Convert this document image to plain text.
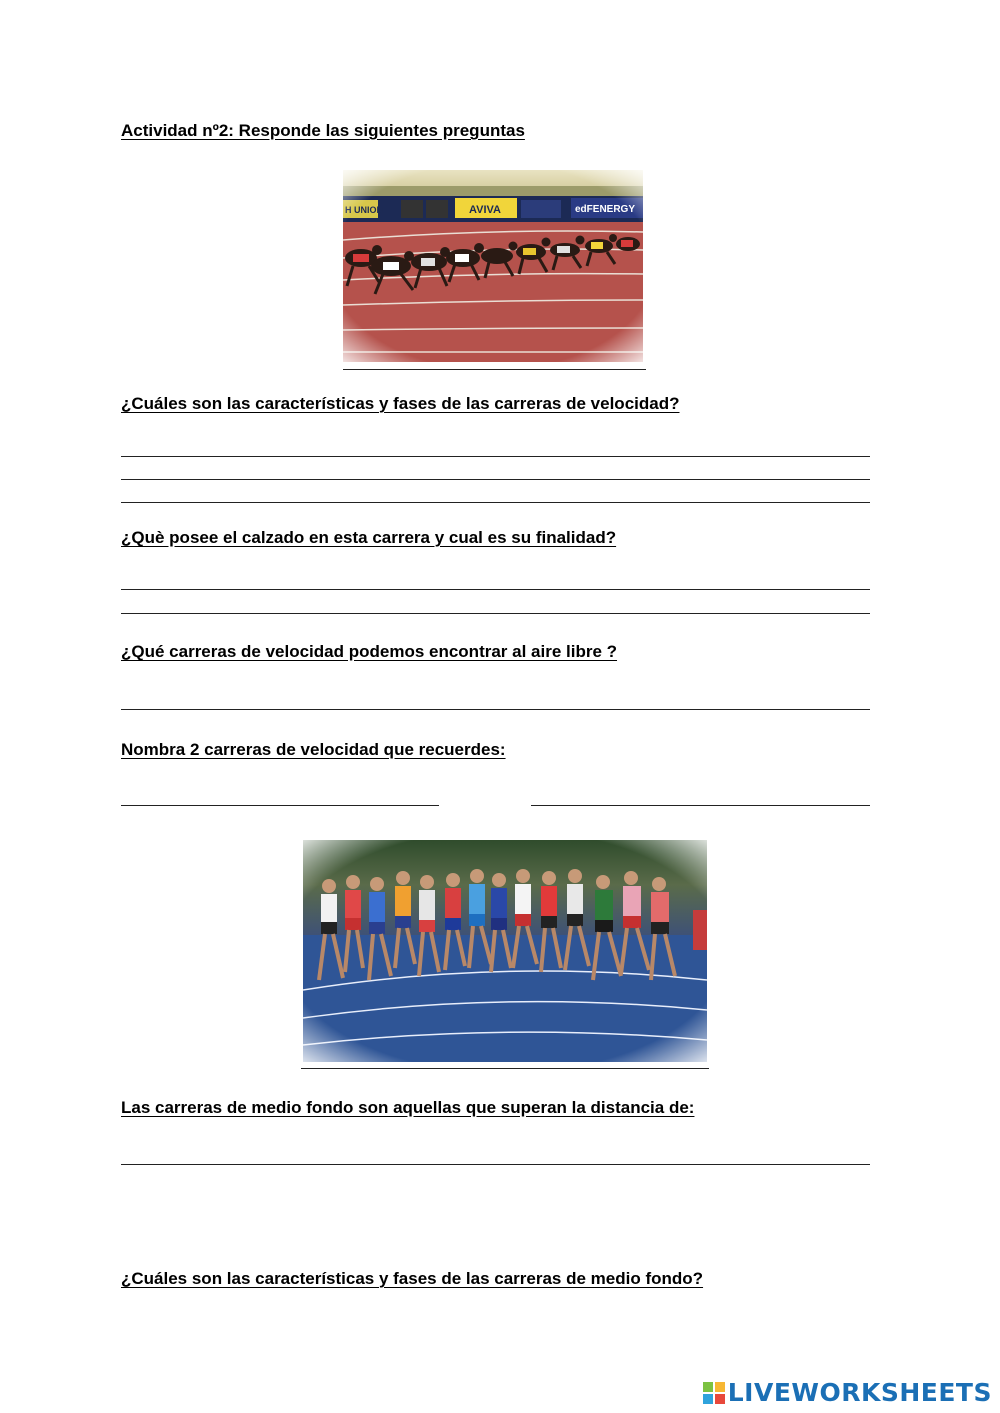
Actividad nº2: Responde las siguientes preguntas
¿Cuáles son las características y fases de las carreras de velocidad?
¿Què posee el calzado en esta carrera y cual es su finalidad?
¿Qué carreras de velocidad podemos encontrar al aire libre ?
Nombra 2 carreras de velocidad que recuerdes:
Las carreras de medio fondo son aquellas que superan la distancia de:
¿Cuáles son las características y fases de las carreras de medio fondo?
LIVEWORKSHEETS
